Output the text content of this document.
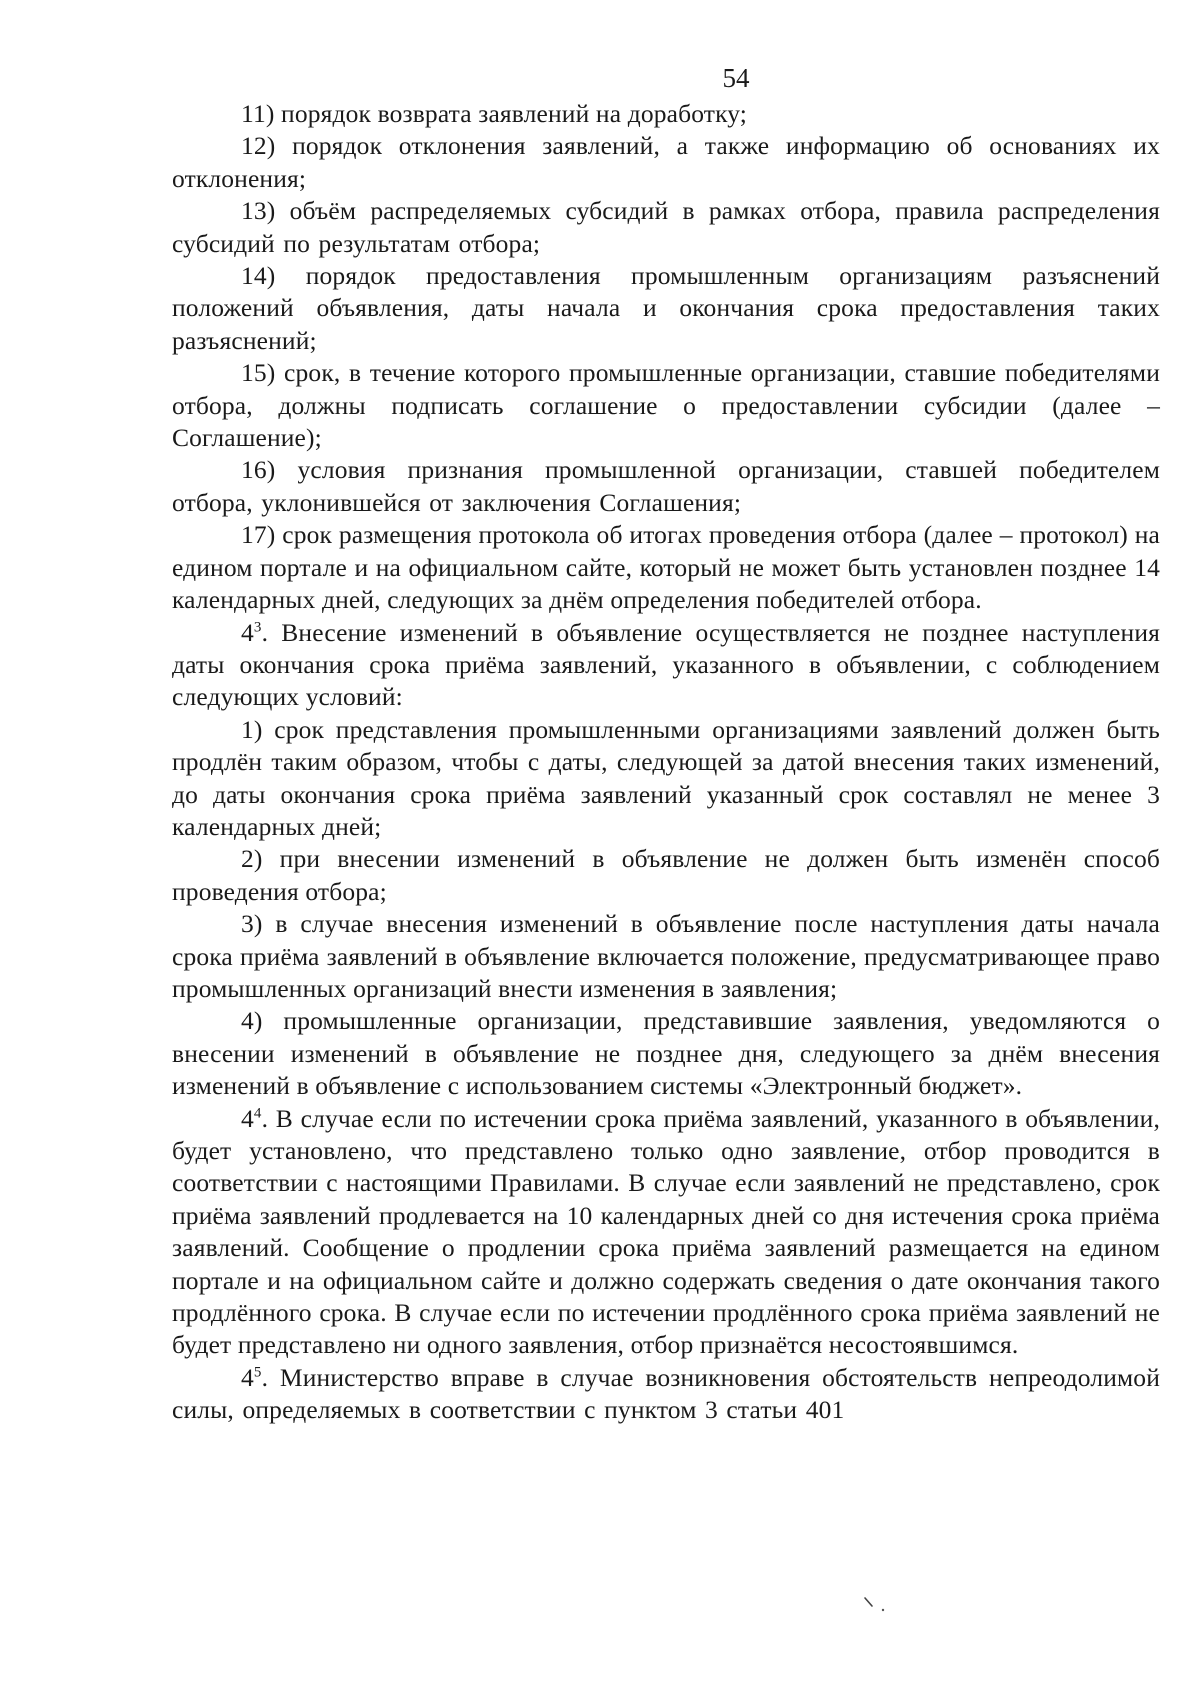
54

11) порядок возврата заявлений на доработку;

12) порядок отклонения заявлений, а также информацию об основаниях их отклонения;

13) объём распределяемых субсидий в рамках отбора, правила распределения субсидий по результатам отбора;

14) порядок предоставления промышленным организациям разъяснений положений объявления, даты начала и окончания срока предоставления таких разъяснений;

15) срок, в течение которого промышленные организации, ставшие победителями отбора, должны подписать соглашение о предоставлении субсидии (далее – Соглашение);

16) условия признания промышленной организации, ставшей победителем отбора, уклонившейся от заключения Соглашения;

17) срок размещения протокола об итогах проведения отбора (далее – протокол) на едином портале и на официальном сайте, который не может быть установлен позднее 14 календарных дней, следующих за днём определения победителей отбора.

$4^3$. Внесение изменений в объявление осуществляется не позднее наступления даты окончания срока приёма заявлений, указанного в объявлении, с соблюдением следующих условий:

1) срок представления промышленными организациями заявлений должен быть продлён таким образом, чтобы с даты, следующей за датой внесения таких изменений, до даты окончания срока приёма заявлений указанный срок составлял не менее 3 календарных дней;

2) при внесении изменений в объявление не должен быть изменён способ проведения отбора;

3) в случае внесения изменений в объявление после наступления даты начала срока приёма заявлений в объявление включается положение, предусматривающее право промышленных организаций внести изменения в заявления;

4) промышленные организации, представившие заявления, уведомляются о внесении изменений в объявление не позднее дня, следующего за днём внесения изменений в объявление с использованием системы «Электронный бюджет».

$4^4$. В случае если по истечении срока приёма заявлений, указанного в объявлении, будет установлено, что представлено только одно заявление, отбор проводится в соответствии с настоящими Правилами. В случае если заявлений не представлено, срок приёма заявлений продлевается на 10 календарных дней со дня истечения срока приёма заявлений. Сообщение о продлении срока приёма заявлений размещается на едином портале и на официальном сайте и должно содержать сведения о дате окончания такого продлённого срока. В случае если по истечении продлённого срока приёма заявлений не будет представлено ни одного заявления, отбор признаётся несостоявшимся.

$4^5$. Министерство вправе в случае возникновения обстоятельств непреодолимой силы, определяемых в соответствии с пунктом 3 статьи 401
